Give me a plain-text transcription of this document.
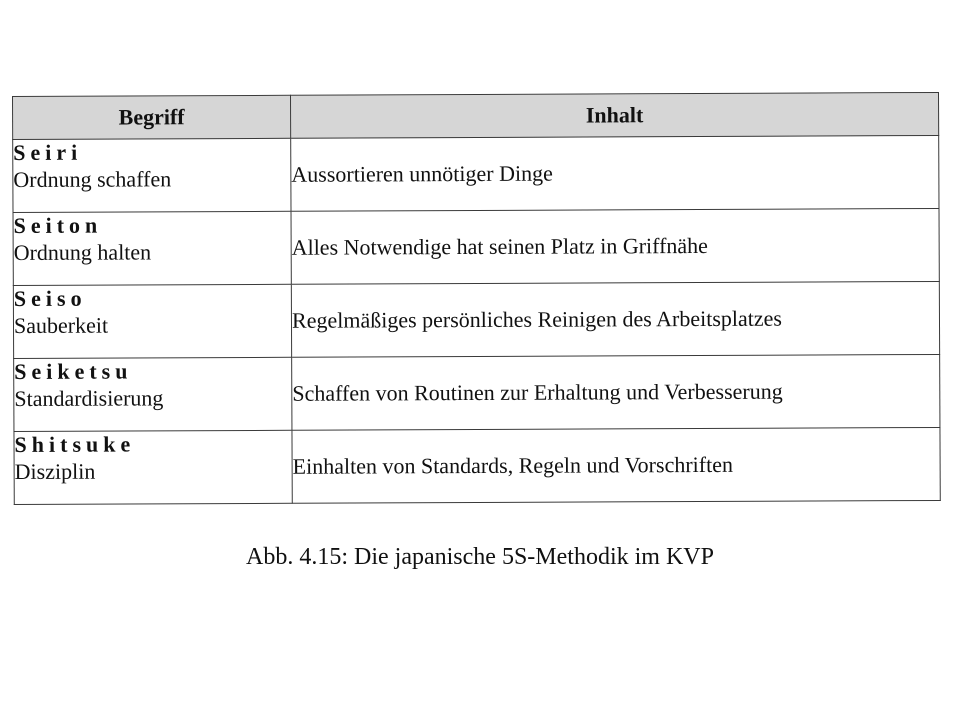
Begriff	Inhalt

Seiri
Ordnung schaffen	Aussortieren unnötiger Dinge

Seiton
Ordnung halten	Alles Notwendige hat seinen Platz in Griffnähe

Seiso
Sauberkeit	Regelmäßiges persönliches Reinigen des Arbeitsplatzes

Seiketsu
Standardisierung	Schaffen von Routinen zur Erhaltung und Verbesserung

Shitsuke
Disziplin	Einhalten von Standards, Regeln und Vorschriften
Abb. 4.15: Die japanische 5S-Methodik im KVP
